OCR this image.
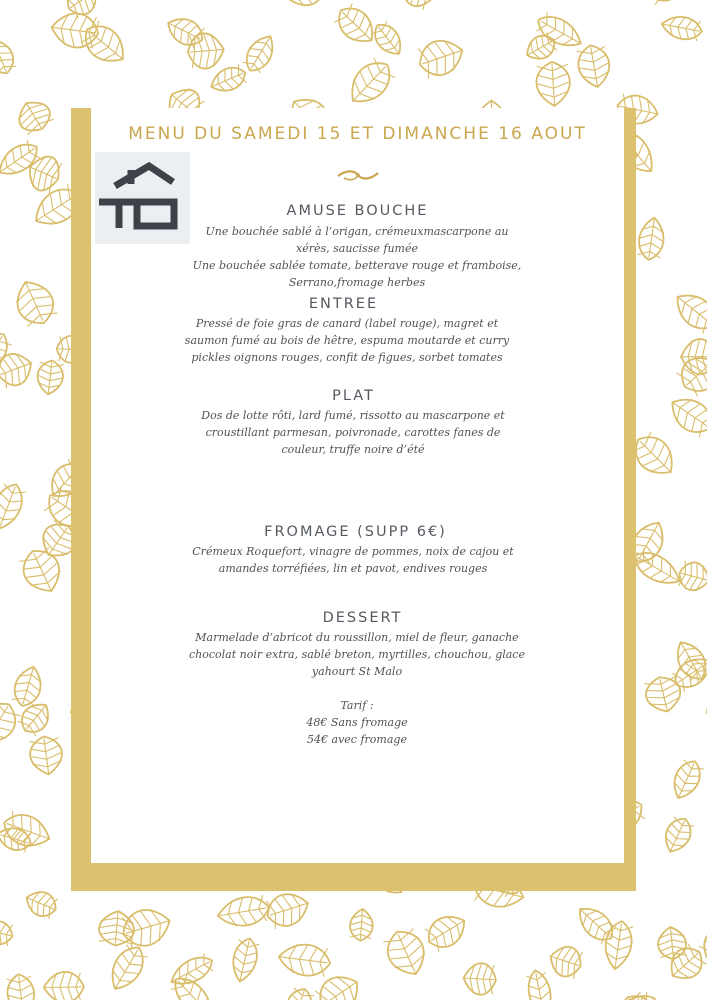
MENU DU SAMEDI 15 ET DIMANCHE 16 AOUT
AMUSE BOUCHE
Une bouchée sablé à l’origan, crémeuxmascarpone au
xérès, saucisse fumée
Une bouchée sablée tomate, betterave rouge et framboise,
Serrano,fromage herbes
ENTREE
Pressé de foie gras de canard (label rouge), magret et
saumon fumé au bois de hêtre, espuma moutarde et curry
pickles oignons rouges, confit de figues, sorbet tomates
PLAT
Dos de lotte rôti, lard fumé, rissotto au mascarpone et
croustillant parmesan, poivronade, carottes fanes de
couleur, truffe noire d’été
FROMAGE (SUPP 6€)
Crémeux Roquefort, vinagre de pommes, noix de cajou et
amandes torréfiées, lin et pavot, endives rouges
DESSERT
Marmelade d’abricot du roussillon, miel de fleur, ganache
chocolat noir extra, sablé breton, myrtilles, chouchou, glace
yahourt St Malo
Tarif :
48€ Sans fromage
54€ avec fromage
